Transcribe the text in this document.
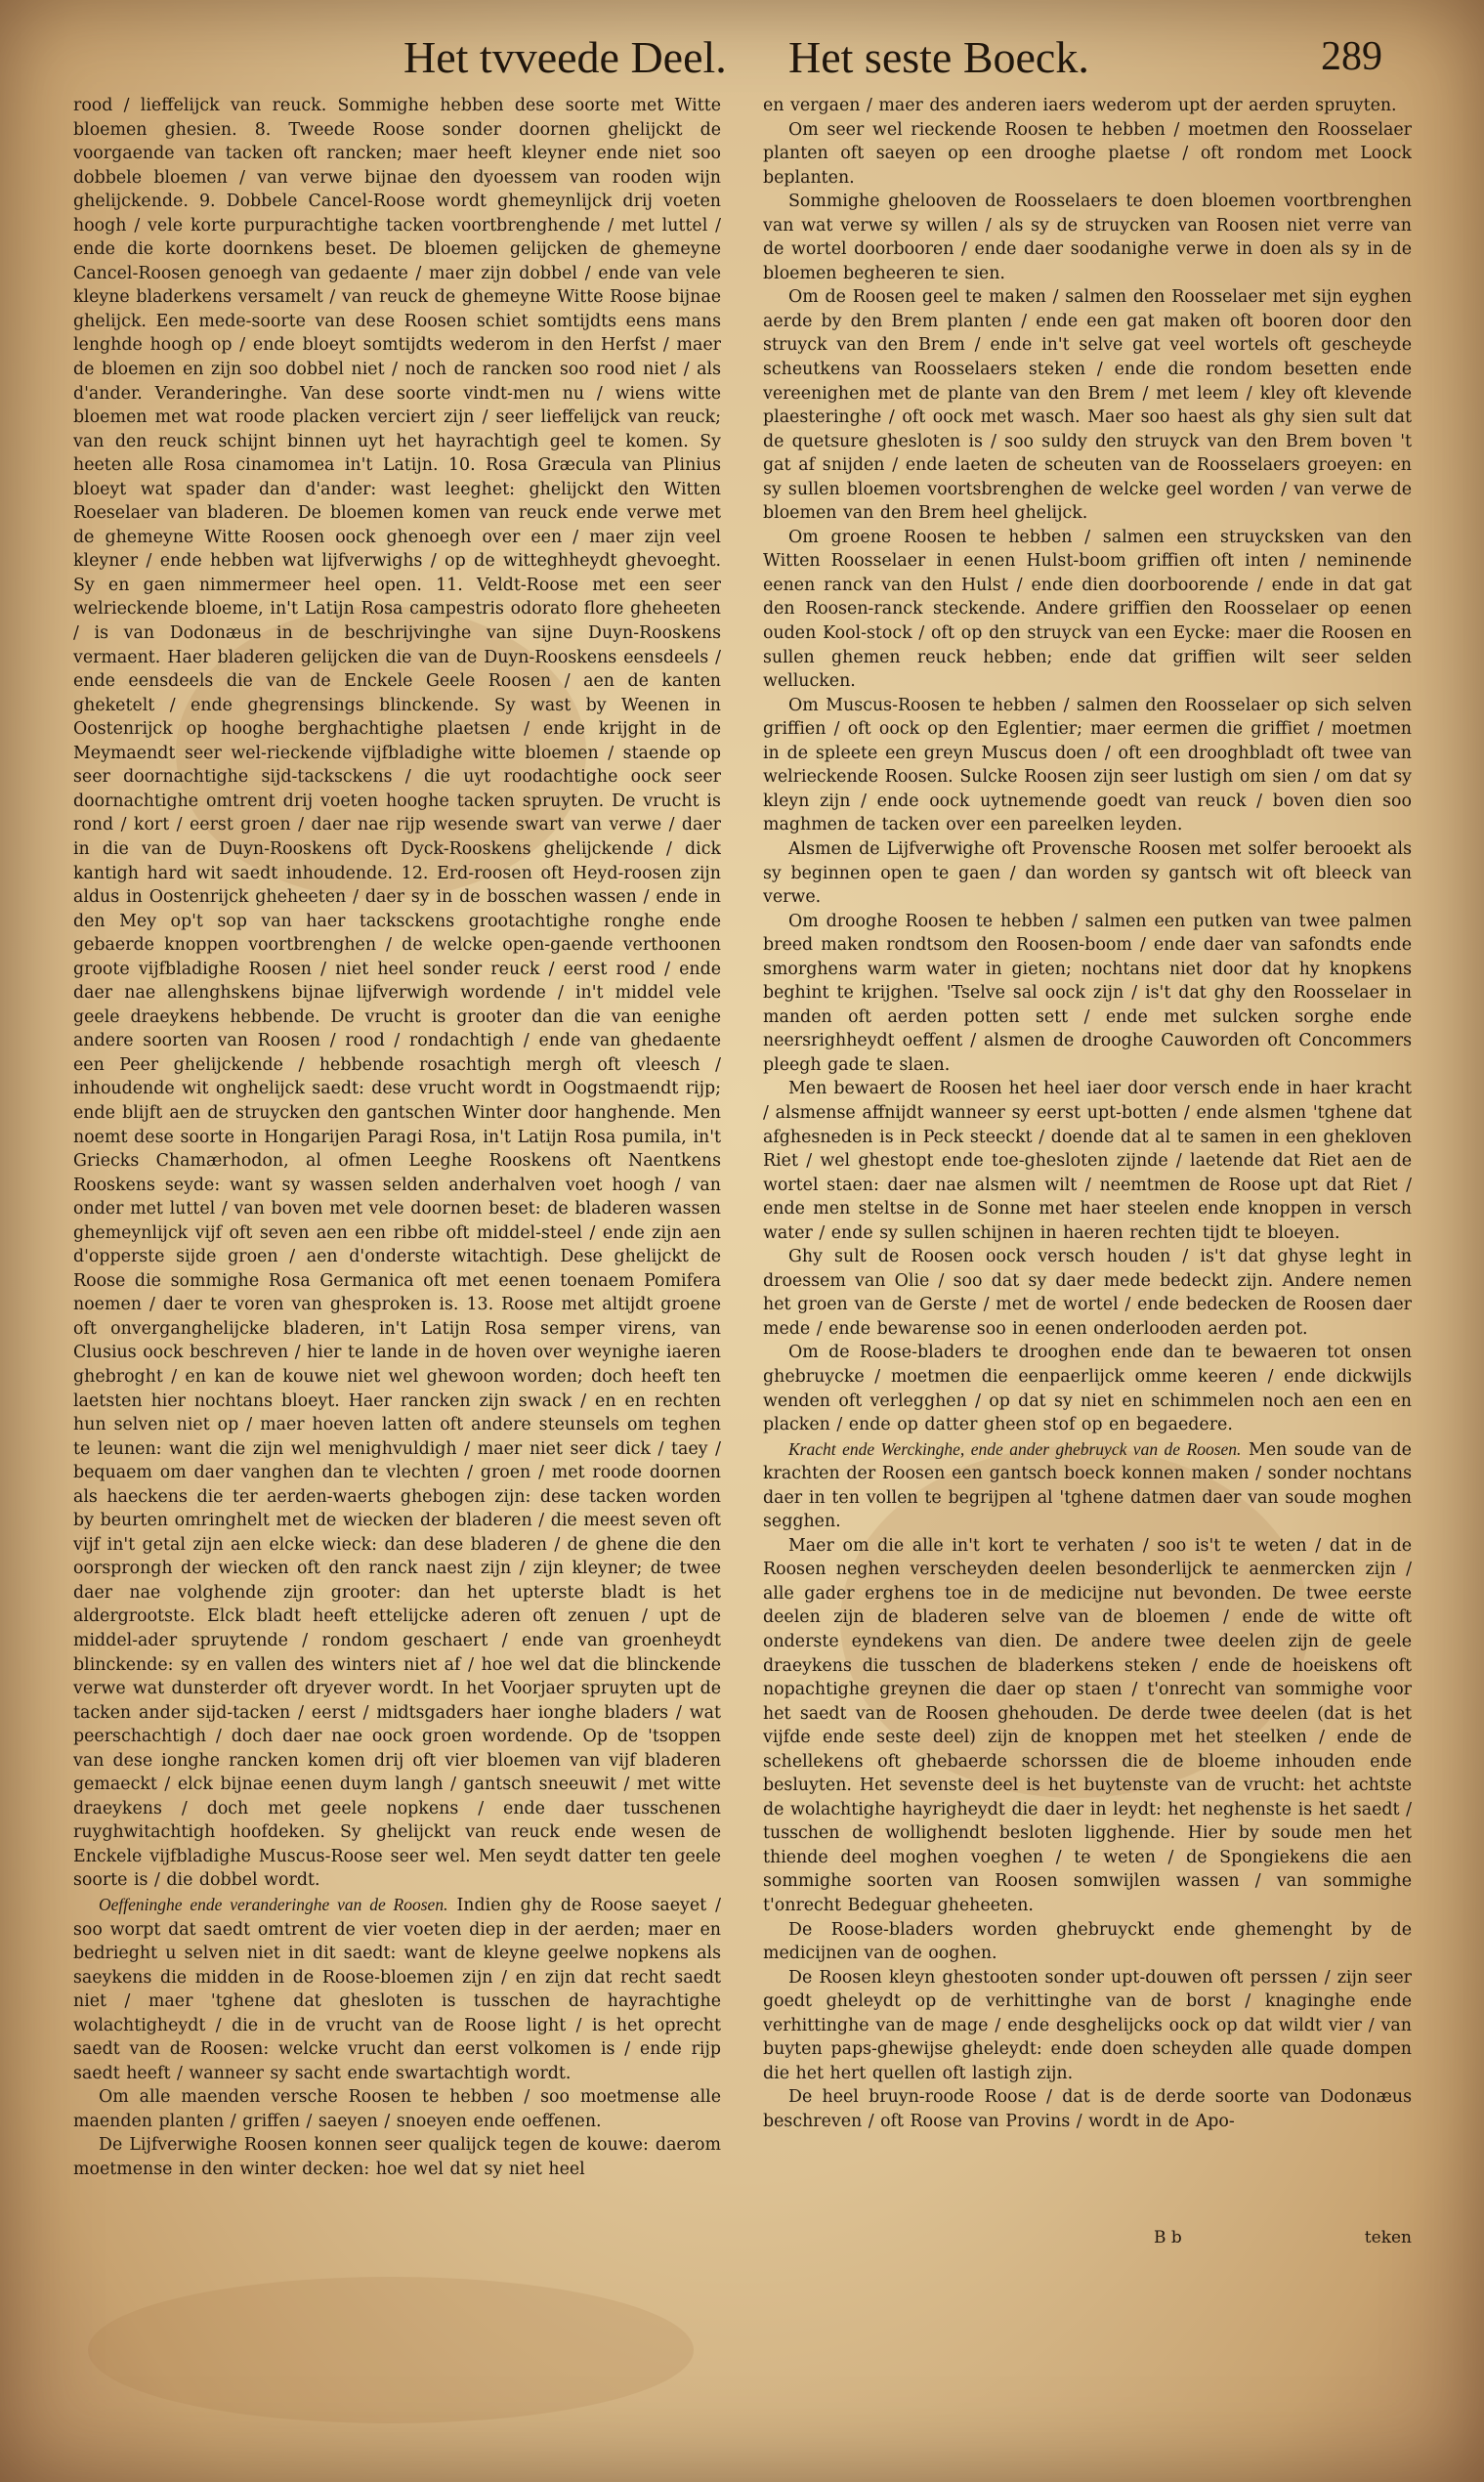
Het tvveede Deel. Het seste Boeck.	289

rood / lieffelijck van reuck. Sommighe hebben dese soorte met Witte bloemen ghesien. 8. Tweede Roose sonder doornen ghelijckt de voorgaende van tacken oft rancken; maer heeft kleyner ende niet soo dobbele bloemen / van verwe bijnae den dyoessem van rooden wijn ghelijckende. 9. Dobbele Cancel-Roose wordt ghemeynlijck drij voeten hoogh / vele korte purpurachtighe tacken voortbrenghende / met luttel / ende die korte doornkens beset. De bloemen gelijcken de ghemeyne Cancel-Roosen genoegh van gedaente / maer zijn dobbel / ende van vele kleyne bladerkens versamelt / van reuck de ghemeyne Witte Roose bijnae ghelijck. Een mede-soorte van dese Roosen schiet somtijdts eens mans lenghde hoogh op / ende bloeyt somtijdts wederom in den Herfst / maer de bloemen en zijn soo dobbel niet / noch de rancken soo rood niet / als d'ander. Veranderinghe. Van dese soorte vindt-men nu / wiens witte bloemen met wat roode placken verciert zijn / seer lieffelijck van reuck; van den reuck schijnt binnen uyt het hayrachtigh geel te komen. Sy heeten alle Rosa cinamomea in't Latijn. 10. Rosa Græcula van Plinius bloeyt wat spader dan d'ander: wast leeghet: ghelijckt den Witten Roeselaer van bladeren. De bloemen komen van reuck ende verwe met de ghemeyne Witte Roosen oock ghenoegh over een / maer zijn veel kleyner / ende hebben wat lijfverwighs / op de witteghheydt ghevoeght. Sy en gaen nimmermeer heel open. 11. Veldt-Roose met een seer welrieckende bloeme, in't Latijn Rosa campestris odorato flore gheheeten / is van Dodonæus in de beschrijvinghe van sijne Duyn-Rooskens vermaent. Haer bladeren gelijcken die van de Duyn-Rooskens eensdeels / ende eensdeels die van de Enckele Geele Roosen / aen de kanten gheketelt / ende ghegrensings blinckende. Sy wast by Weenen in Oostenrijck op hooghe berghachtighe plaetsen / ende krijght in de Meymaendt seer wel-rieckende vijfbladighe witte bloemen / staende op seer doornachtighe sijd-tacksckens / die uyt roodachtighe oock seer doornachtighe omtrent drij voeten hooghe tacken spruyten. De vrucht is rond / kort / eerst groen / daer nae rijp wesende swart van verwe / daer in die van de Duyn-Rooskens oft Dyck-Rooskens ghelijckende / dick kantigh hard wit saedt inhoudende. 12. Erd-roosen oft Heyd-roosen zijn aldus in Oostenrijck gheheeten / daer sy in de bosschen wassen / ende in den Mey op't sop van haer tacksckens grootachtighe ronghe ende gebaerde knoppen voortbrenghen / de welcke open-gaende verthoonen groote vijfbladighe Roosen / niet heel sonder reuck / eerst rood / ende daer nae allenghskens bijnae lijfverwigh wordende / in't middel vele geele draeykens hebbende. De vrucht is grooter dan die van eenighe andere soorten van Roosen / rood / rondachtigh / ende van ghedaente een Peer ghelijckende / hebbende rosachtigh mergh oft vleesch / inhoudende wit onghelijck saedt: dese vrucht wordt in Oogstmaendt rijp; ende blijft aen de struycken den gantschen Winter door hanghende. Men noemt dese soorte in Hongarijen Paragi Rosa, in't Latijn Rosa pumila, in't Griecks Chamærhodon, al ofmen Leeghe Rooskens oft Naentkens Rooskens seyde: want sy wassen selden anderhalven voet hoogh / van onder met luttel / van boven met vele doornen beset: de bladeren wassen ghemeynlijck vijf oft seven aen een ribbe oft middel-steel / ende zijn aen d'opperste sijde groen / aen d'onderste witachtigh. Dese ghelijckt de Roose die sommighe Rosa Germanica oft met eenen toenaem Pomifera noemen / daer te voren van ghesproken is. 13. Roose met altijdt groene oft onverganghelijcke bladeren, in't Latijn Rosa semper virens, van Clusius oock beschreven / hier te lande in de hoven over weynighe iaeren ghebroght / en kan de kouwe niet wel ghewoon worden; doch heeft ten laetsten hier nochtans bloeyt. Haer rancken zijn swack / en en rechten hun selven niet op / maer hoeven latten oft andere steunsels om teghen te leunen: want die zijn wel menighvuldigh / maer niet seer dick / taey / bequaem om daer vanghen dan te vlechten / groen / met roode doornen als haeckens die ter aerden-waerts ghebogen zijn: dese tacken worden by beurten omringhelt met de wiecken der bladeren / die meest seven oft vijf in't getal zijn aen elcke wieck: dan dese bladeren / de ghene die den oorsprongh der wiecken oft den ranck naest zijn / zijn kleyner; de twee daer nae volghende zijn grooter: dan het upterste bladt is het aldergrootste. Elck bladt heeft ettelijcke aderen oft zenuen / upt de middel-ader spruytende / rondom geschaert / ende van groenheydt blinckende: sy en vallen des winters niet af / hoe wel dat die blinckende verwe wat dunsterder oft dryever wordt. In het Voorjaer spruyten upt de tacken ander sijd-tacken / eerst / midtsgaders haer ionghe bladers / wat peerschachtigh / doch daer nae oock groen wordende. Op de 'tsoppen van dese ionghe rancken komen drij oft vier bloemen van vijf bladeren gemaeckt / elck bijnae eenen duym langh / gantsch sneeuwit / met witte draeykens / doch met geele nopkens / ende daer tusschenen ruyghwitachtigh hoofdeken. Sy ghelijckt van reuck ende wesen de Enckele vijfbladighe Muscus-Roose seer wel. Men seydt datter ten geele soorte is / die dobbel wordt.

Oeffeninghe ende veranderinghe van de Roosen. Indien ghy de Roose saeyet / soo worpt dat saedt omtrent de vier voeten diep in der aerden; maer en bedrieght u selven niet in dit saedt: want de kleyne geelwe nopkens als saeykens die midden in de Roose-bloemen zijn / en zijn dat recht saedt niet / maer 'tghene dat ghesloten is tusschen de hayrachtighe wolachtigheydt / die in de vrucht van de Roose light / is het oprecht saedt van de Roosen: welcke vrucht dan eerst volkomen is / ende rijp saedt heeft / wanneer sy sacht ende swartachtigh wordt.

Om alle maenden versche Roosen te hebben / soo moetmense alle maenden planten / griffen / saeyen / snoeyen ende oeffenen.

De Lijfverwighe Roosen konnen seer qualijck tegen de kouwe: daerom moetmense in den winter decken: hoe wel dat sy niet heel

en vergaen / maer des anderen iaers wederom upt der aerden spruyten.

Om seer wel rieckende Roosen te hebben / moetmen den Roosselaer planten oft saeyen op een drooghe plaetse / oft rondom met Loock beplanten.

Sommighe ghelooven de Roosselaers te doen bloemen voortbrenghen van wat verwe sy willen / als sy de struycken van Roosen niet verre van de wortel doorbooren / ende daer soodanighe verwe in doen als sy in de bloemen begheeren te sien.

Om de Roosen geel te maken / salmen den Roosselaer met sijn eyghen aerde by den Brem planten / ende een gat maken oft booren door den struyck van den Brem / ende in't selve gat veel wortels oft gescheyde scheutkens van Roosselaers steken / ende die rondom besetten ende vereenighen met de plante van den Brem / met leem / kley oft klevende plaesteringhe / oft oock met wasch. Maer soo haest als ghy sien sult dat de quetsure ghesloten is / soo suldy den struyck van den Brem boven 't gat af snijden / ende laeten de scheuten van de Roosselaers groeyen: en sy sullen bloemen voortsbrenghen de welcke geel worden / van verwe de bloemen van den Brem heel ghelijck.

Om groene Roosen te hebben / salmen een struycksken van den Witten Roosselaer in eenen Hulst-boom griffien oft inten / neminende eenen ranck van den Hulst / ende dien doorboorende / ende in dat gat den Roosen-ranck steckende. Andere griffien den Roosselaer op eenen ouden Kool-stock / oft op den struyck van een Eycke: maer die Roosen en sullen ghemen reuck hebben; ende dat griffien wilt seer selden wellucken.

Om Muscus-Roosen te hebben / salmen den Roosselaer op sich selven griffien / oft oock op den Eglentier; maer eermen die griffiet / moetmen in de spleete een greyn Muscus doen / oft een drooghbladt oft twee van welrieckende Roosen. Sulcke Roosen zijn seer lustigh om sien / om dat sy kleyn zijn / ende oock uytnemende goedt van reuck / boven dien soo maghmen de tacken over een pareelken leyden.

Alsmen de Lijfverwighe oft Provensche Roosen met solfer berooekt als sy beginnen open te gaen / dan worden sy gantsch wit oft bleeck van verwe.

Om drooghe Roosen te hebben / salmen een putken van twee palmen breed maken rondtsom den Roosen-boom / ende daer van safondts ende smorghens warm water in gieten; nochtans niet door dat hy knopkens beghint te krijghen. 'Tselve sal oock zijn / is't dat ghy den Roosselaer in manden oft aerden potten sett / ende met sulcken sorghe ende neersrighheydt oeffent / alsmen de drooghe Cauworden oft Concommers pleegh gade te slaen.

Men bewaert de Roosen het heel iaer door versch ende in haer kracht / alsmense affnijdt wanneer sy eerst upt-botten / ende alsmen 'tghene dat afghesneden is in Peck steeckt / doende dat al te samen in een ghekloven Riet / wel ghestopt ende toe-ghesloten zijnde / laetende dat Riet aen de wortel staen: daer nae alsmen wilt / neemtmen de Roose upt dat Riet / ende men steltse in de Sonne met haer steelen ende knoppen in versch water / ende sy sullen schijnen in haeren rechten tijdt te bloeyen.

Ghy sult de Roosen oock versch houden / is't dat ghyse leght in droessem van Olie / soo dat sy daer mede bedeckt zijn. Andere nemen het groen van de Gerste / met de wortel / ende bedecken de Roosen daer mede / ende bewarense soo in eenen onderlooden aerden pot.

Om de Roose-bladers te drooghen ende dan te bewaeren tot onsen ghebruycke / moetmen die eenpaerlijck omme keeren / ende dickwijls wenden oft verlegghen / op dat sy niet en schimmelen noch aen een en placken / ende op datter gheen stof op en begaedere.

Kracht ende Werckinghe, ende ander ghebruyck van de Roosen. Men soude van de krachten der Roosen een gantsch boeck konnen maken / sonder nochtans daer in ten vollen te begrijpen al 'tghene datmen daer van soude moghen segghen.

Maer om die alle in't kort te verhaten / soo is't te weten / dat in de Roosen neghen verscheyden deelen besonderlijck te aenmercken zijn / alle gader erghens toe in de medicijne nut bevonden. De twee eerste deelen zijn de bladeren selve van de bloemen / ende de witte oft onderste eyndekens van dien. De andere twee deelen zijn de geele draeykens die tusschen de bladerkens steken / ende de hoeiskens oft nopachtighe greynen die daer op staen / t'onrecht van sommighe voor het saedt van de Roosen ghehouden. De derde twee deelen (dat is het vijfde ende seste deel) zijn de knoppen met het steelken / ende de schellekens oft ghebaerde schorssen die de bloeme inhouden ende besluyten. Het sevenste deel is het buytenste van de vrucht: het achtste de wolachtighe hayrigheydt die daer in leydt: het neghenste is het saedt / tusschen de wollighendt besloten ligghende. Hier by soude men het thiende deel moghen voeghen / te weten / de Spongiekens die aen sommighe soorten van Roosen somwijlen wassen / van sommighe t'onrecht Bedeguar gheheeten.

De Roose-bladers worden ghebruyckt ende ghemenght by de medicijnen van de ooghen.

De Roosen kleyn ghestooten sonder upt-douwen oft perssen / zijn seer goedt gheleydt op de verhittinghe van de borst / knaginghe ende verhittinghe van de mage / ende desghelijcks oock op dat wildt vier / van buyten paps-ghewijse gheleydt: ende doen scheyden alle quade dompen die het hert quellen oft lastigh zijn.

De heel bruyn-roode Roose / dat is de derde soorte van Dodonæus beschreven / oft Roose van Provins / wordt in de Apo-

B b	teken
